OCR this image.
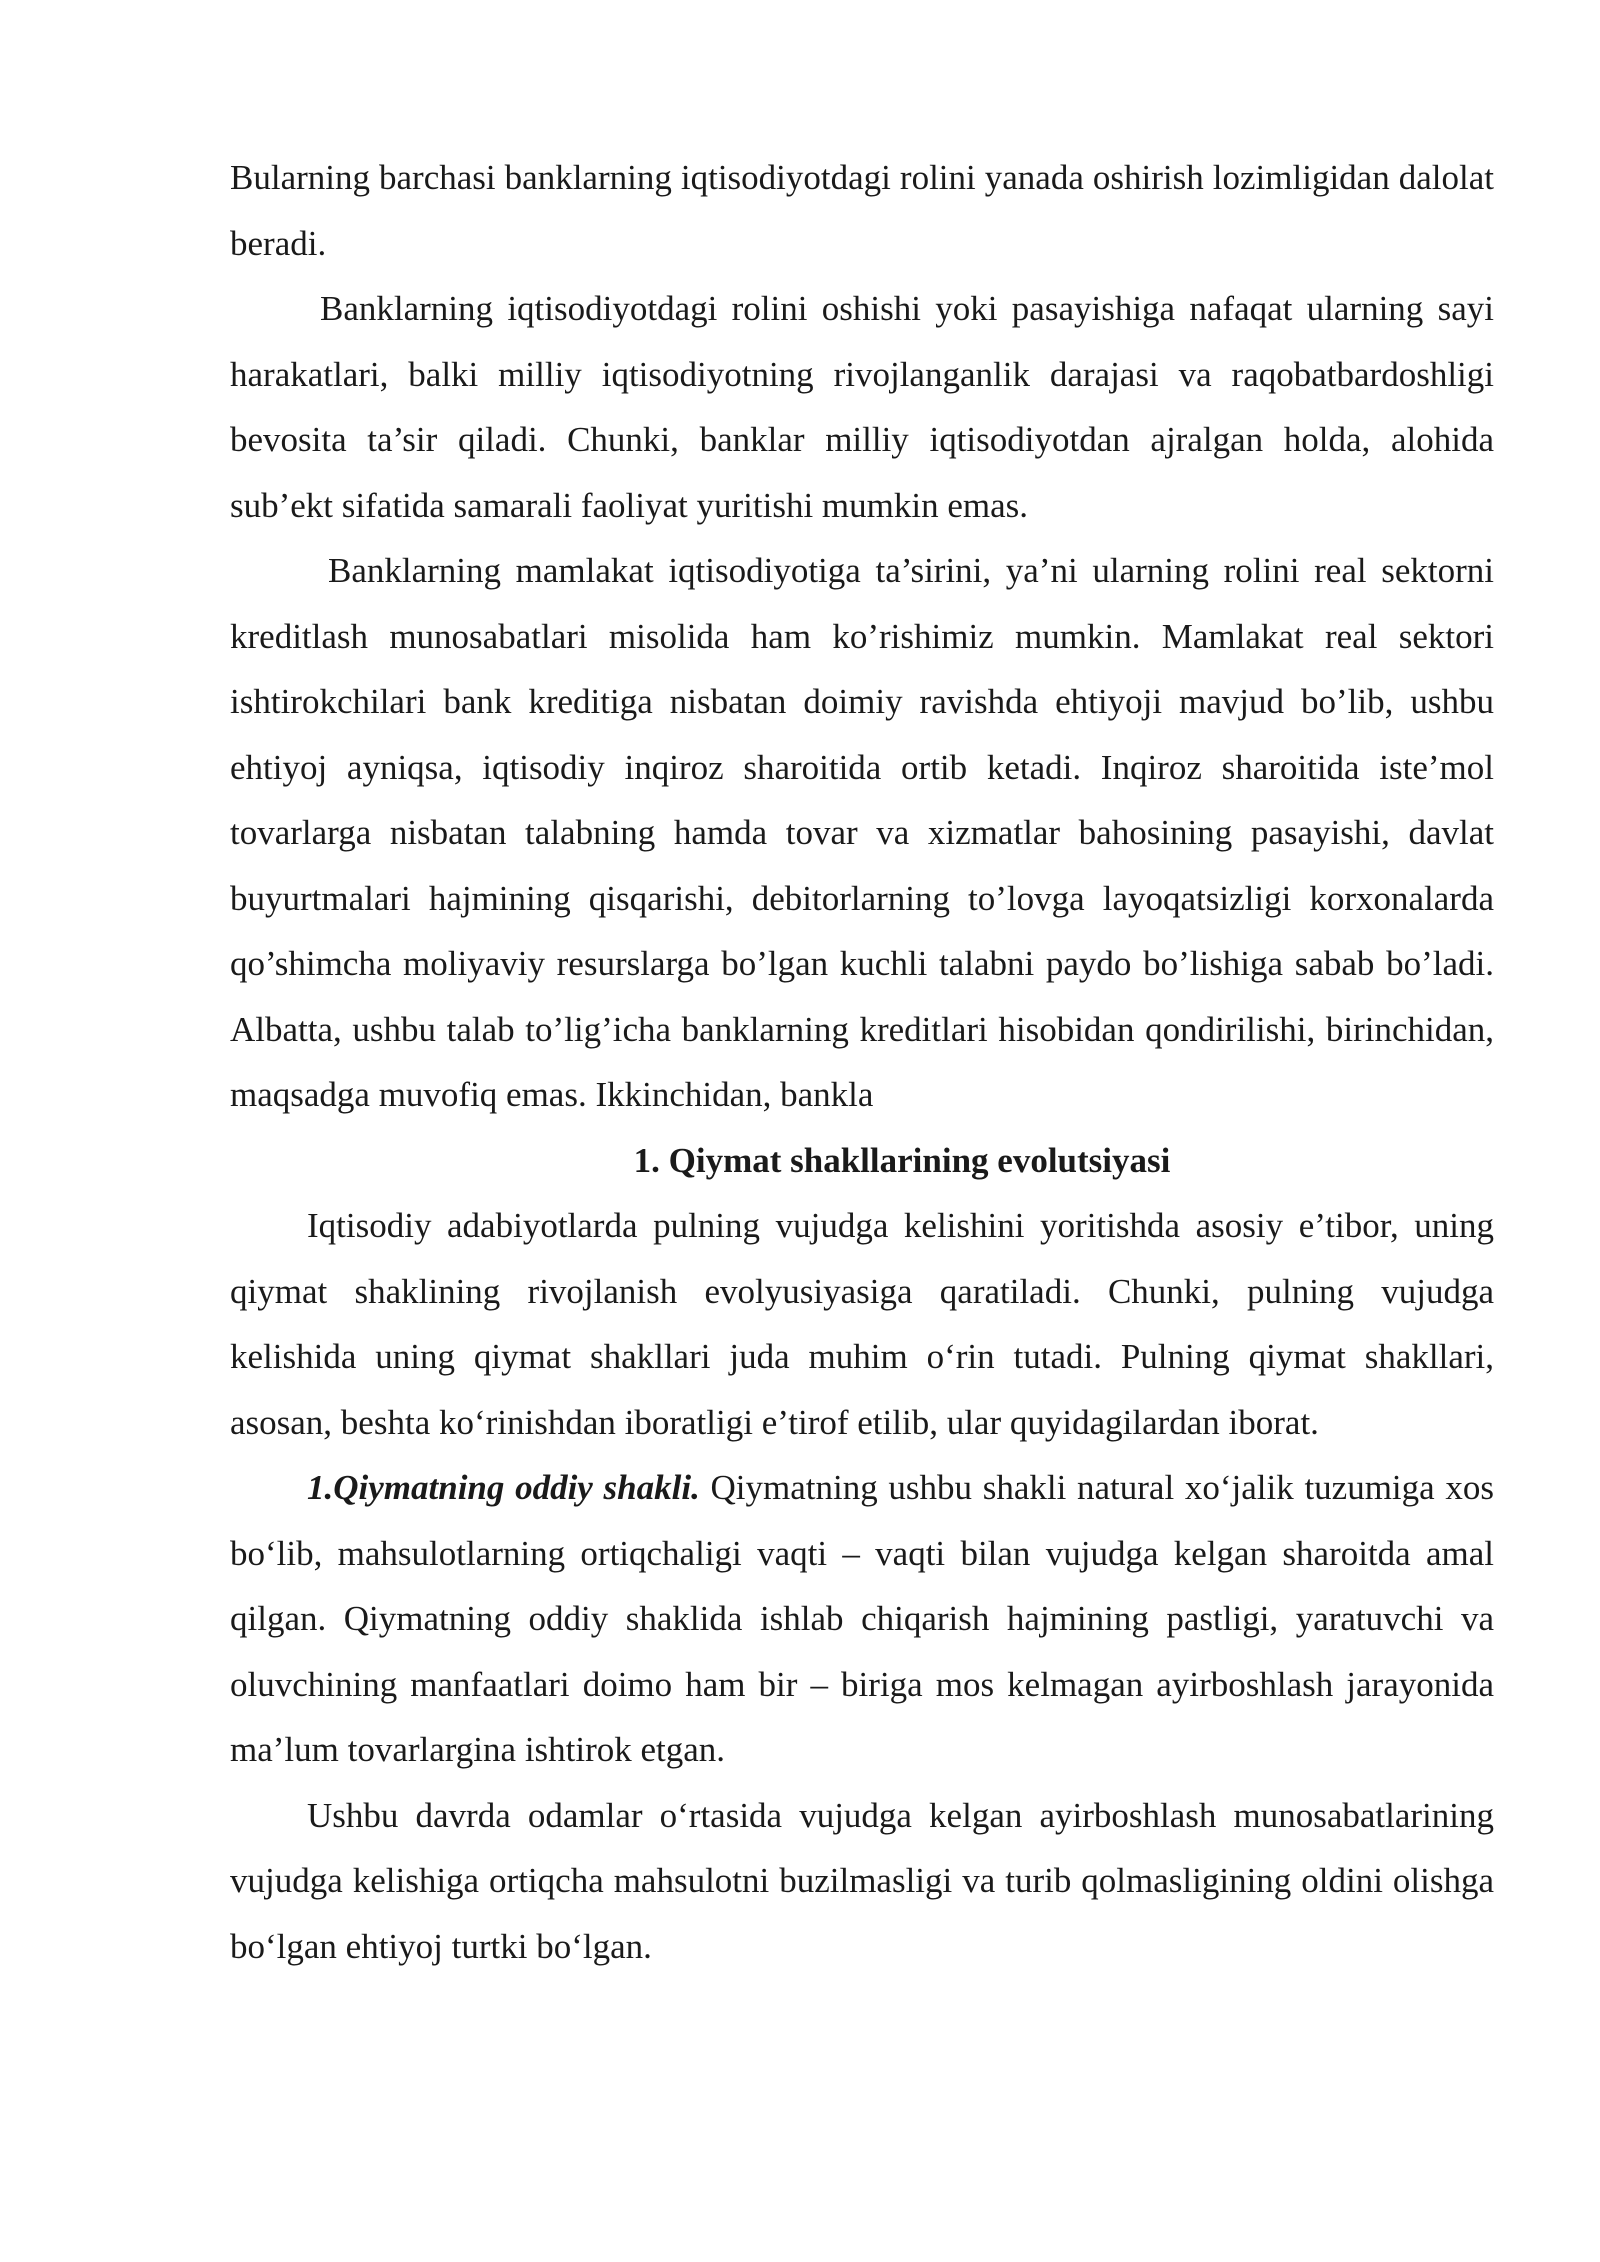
Bularning barchasi banklarning iqtisodiyotdagi rolini yanada oshirish lozimligidan dalolat beradi.

Banklarning iqtisodiyotdagi rolini oshishi yoki pasayishiga nafaqat ularning sayi harakatlari, balki milliy iqtisodiyotning rivojlanganlik darajasi va raqobatbardoshligi bevosita ta’sir qiladi. Chunki, banklar milliy iqtisodiyotdan ajralgan holda, alohida sub’ekt sifatida samarali faoliyat yuritishi mumkin emas.

Banklarning mamlakat iqtisodiyotiga ta’sirini, ya’ni ularning rolini real sektorni kreditlash munosabatlari misolida ham ko’rishimiz mumkin. Mamlakat real sektori ishtirokchilari bank kreditiga nisbatan doimiy ravishda ehtiyoji mavjud bo’lib, ushbu ehtiyoj ayniqsa, iqtisodiy inqiroz sharoitida ortib ketadi. Inqiroz sharoitida iste’mol tovarlarga nisbatan talabning hamda tovar va xizmatlar bahosining pasayishi, davlat buyurtmalari hajmining qisqarishi, debitorlarning to’lovga layoqatsizligi korxonalarda qo’shimcha moliyaviy resurslarga bo’lgan kuchli talabni paydo bo’lishiga sabab bo’ladi. Albatta, ushbu talab to’lig’icha banklarning kreditlari hisobidan qondirilishi, birinchidan, maqsadga muvofiq emas. Ikkinchidan, bankla

1. Qiymat shakllarining evolutsiyasi

Iqtisodiy adabiyotlarda pulning vujudga kelishini yoritishda asosiy e’tibor, uning qiymat shaklining rivojlanish evolyusiyasiga qaratiladi. Chunki, pulning vujudga kelishida uning qiymat shakllari juda muhim o‘rin tutadi. Pulning qiymat shakllari, asosan, beshta ko‘rinishdan iboratligi e’tirof etilib, ular quyidagilardan iborat.

1.Qiymatning oddiy shakli. Qiymatning ushbu shakli natural xo‘jalik tuzumiga xos bo‘lib, mahsulotlarning ortiqchaligi vaqti – vaqti bilan vujudga kelgan sharoitda amal qilgan. Qiymatning oddiy shaklida ishlab chiqarish hajmining pastligi, yaratuvchi va oluvchining manfaatlari doimo ham bir – biriga mos kelmagan ayirboshlash jarayonida ma’lum tovarlargina ishtirok etgan.

Ushbu davrda odamlar o‘rtasida vujudga kelgan ayirboshlash munosabatlarining vujudga kelishiga ortiqcha mahsulotni buzilmasligi va turib qolmasligining oldini olishga bo‘lgan ehtiyoj turtki bo‘lgan.
